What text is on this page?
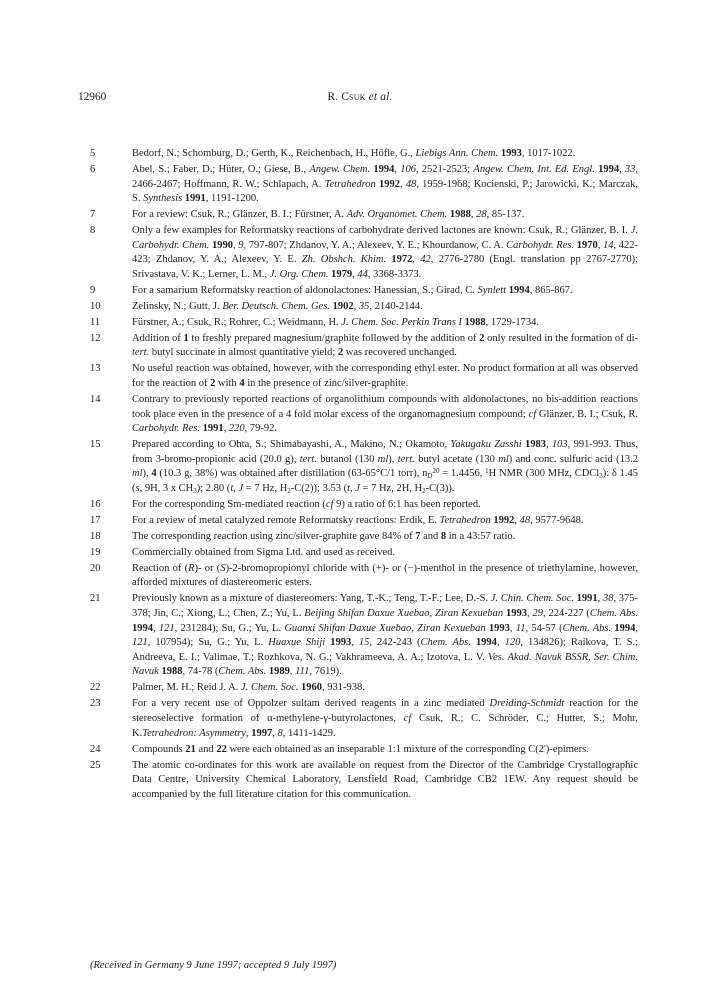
12960	R. Csuk et al.
5	Bedorf, N.; Schomburg, D.; Gerth, K., Reichenbach, H., Höfle, G., Liebigs Ann. Chem. 1993, 1017-1022.
6	Abel, S.; Faber, D.; Hüter, O.; Giese, B., Angew. Chem. 1994, 106, 2521-2523; Angew. Chem. Int. Ed. Engl. 1994, 33, 2466-2467; Hoffmann, R. W.; Schlapach, A. Tetrahedron 1992, 48, 1959-1968; Kocienski, P.; Jarowicki, K.; Marczak, S. Synthesis 1991, 1191-1200.
7	For a review: Csuk, R.; Glänzer, B. I.; Fürstner, A. Adv. Organomet. Chem. 1988, 28, 85-137.
8	Only a few examples for Reformatsky reactions of carbohydrate derived lactones are known: Csuk, R.; Glänzer, B. I. J. Carbohydr. Chem. 1990, 9, 797-807; Zhdanov, Y. A.; Alexeev, Y. E.; Khourdanow, C. A. Carbohydr. Res. 1970, 14, 422-423; Zhdanov, Y. A.; Alexeev, Y. E. Zh. Obshch. Khim. 1972, 42, 2776-2780 (Engl. translation pp 2767-2770); Srivastava, V. K.; Lerner, L. M., J. Org. Chem. 1979, 44, 3368-3373.
9	For a samarium Reformatsky reaction of aldonolactones: Hanessian, S.; Girad, C. Synlett 1994, 865-867.
10	Zelinsky, N.; Gutt, J. Ber. Deutsch. Chem. Ges. 1902, 35, 2140-2144.
11	Fürstner, A.; Csuk, R.; Rohrer, C.; Weidmann, H. J. Chem. Soc. Perkin Trans I 1988, 1729-1734.
12	Addition of 1 to freshly prepared magnesium/graphite followed by the addition of 2 only resulted in the formation of di-tert. butyl succinate in almost quantitative yield; 2 was recovered unchanged.
13	No useful reaction was obtained, however, with the corresponding ethyl ester. No product formation at all was observed for the reaction of 2 with 4 in the presence of zinc/silver-graphite.
14	Contrary to previously reported reactions of organolithium compounds with aldonolactones, no bis-addition reactions took place even in the presence of a 4 fold molar excess of the organomagnesium compound; cf Glänzer, B. I.; Csuk, R. Carbohydr. Res. 1991, 220, 79-92.
15	Prepared according to Ohta, S.; Shimabayashi, A., Makino, N.; Okamoto, Yakugaku Zasshi 1983, 103, 991-993. Thus, from 3-bromo-propionic acid (20.0 g), tert. butanol (130 ml), tert. butyl acetate (130 ml) and conc. sulfuric acid (13.2 ml), 4 (10.3 g, 38%) was obtained after distillation (63-65°C/1 torr), $n_D^{20} = 1.4456$, $^1$H NMR (300 MHz, CDCl$_3$): δ 1.45 (s, 9H, 3 x $CH_3$); 2.80 (t, J = 7 Hz, $H_2-C(2)$); 3.53 (t, J = 7 Hz, 2H, $H_2-C(3)$).
16	For the corresponding Sm-mediated reaction (cf 9) a ratio of 6:1 has been reported.
17	For a review of metal catalyzed remote Reformatsky reactions: Erdik, E. Tetrahedron 1992, 48, 9577-9648.
18	The corresponding reaction using zinc/silver-graphite gave 84% of 7 and 8 in a 43:57 ratio.
19	Commercially obtained from Sigma Ltd. and used as received.
20	Reaction of (R)- or (S)-2-bromopropionyl chloride with (+)- or (−)-menthol in the presence of triethylamine, however, afforded mixtures of diastereomeric esters.
21	Previously known as a mixture of diastereomers: Yang, T.-K.; Teng, T.-F.; Lee, D.-S. J. Chin. Chem. Soc. 1991, 38, 375-378; Jin, C.; Xiong, L.; Chen, Z.; Yu, L. Beijing Shifan Daxue Xuebao, Ziran Kexueban 1993, 29, 224-227 (Chem. Abs. 1994, 121, 231284); Su, G.; Yu, L. Guanxi Shifan Daxue Xuebao, Ziran Kexueban 1993, 11, 54-57 (Chem. Abs. 1994, 121, 107954); Su, G.; Yu, L. Huaxue Shiji 1993, 15, 242-243 (Chem. Abs. 1994, 120, 134826); Raikova, T. S.; Andreeva, E. I.; Valimae, T.; Rozhkova, N. G.; Vakhrameeva, A. A.; Izotova, L. V. Ves. Akad. Navuk BSSR, Ser. Chim. Navuk 1988, 74-78 (Chem. Abs. 1989, 111, 7619).
22	Palmer, M. H.; Reid J. A. J. Chem. Soc. 1960, 931-938.
23	For a very recent use of Oppolzer sultam derived reagents in a zinc mediated Dreiding-Schmidt reaction for the stereoselective formation of α-methylene-γ-butyrolactones, cf Csuk, R.; C. Schröder, C.; Hutter, S.; Mohr, K.Tetrahedron: Asymmetry, 1997, 8, 1411-1429.
24	Compounds 21 and 22 were each obtained as an inseparable 1:1 mixture of the corresponding C(2')-epimers.
25	The atomic co-ordinates for this work are available on request from the Director of the Cambridge Crystallographic Data Centre, University Chemical Laboratory, Lensfield Road, Cambridge CB2 1EW. Any request should be accompanied by the full literature citation for this communication.
(Received in Germany 9 June 1997; accepted 9 July 1997)
